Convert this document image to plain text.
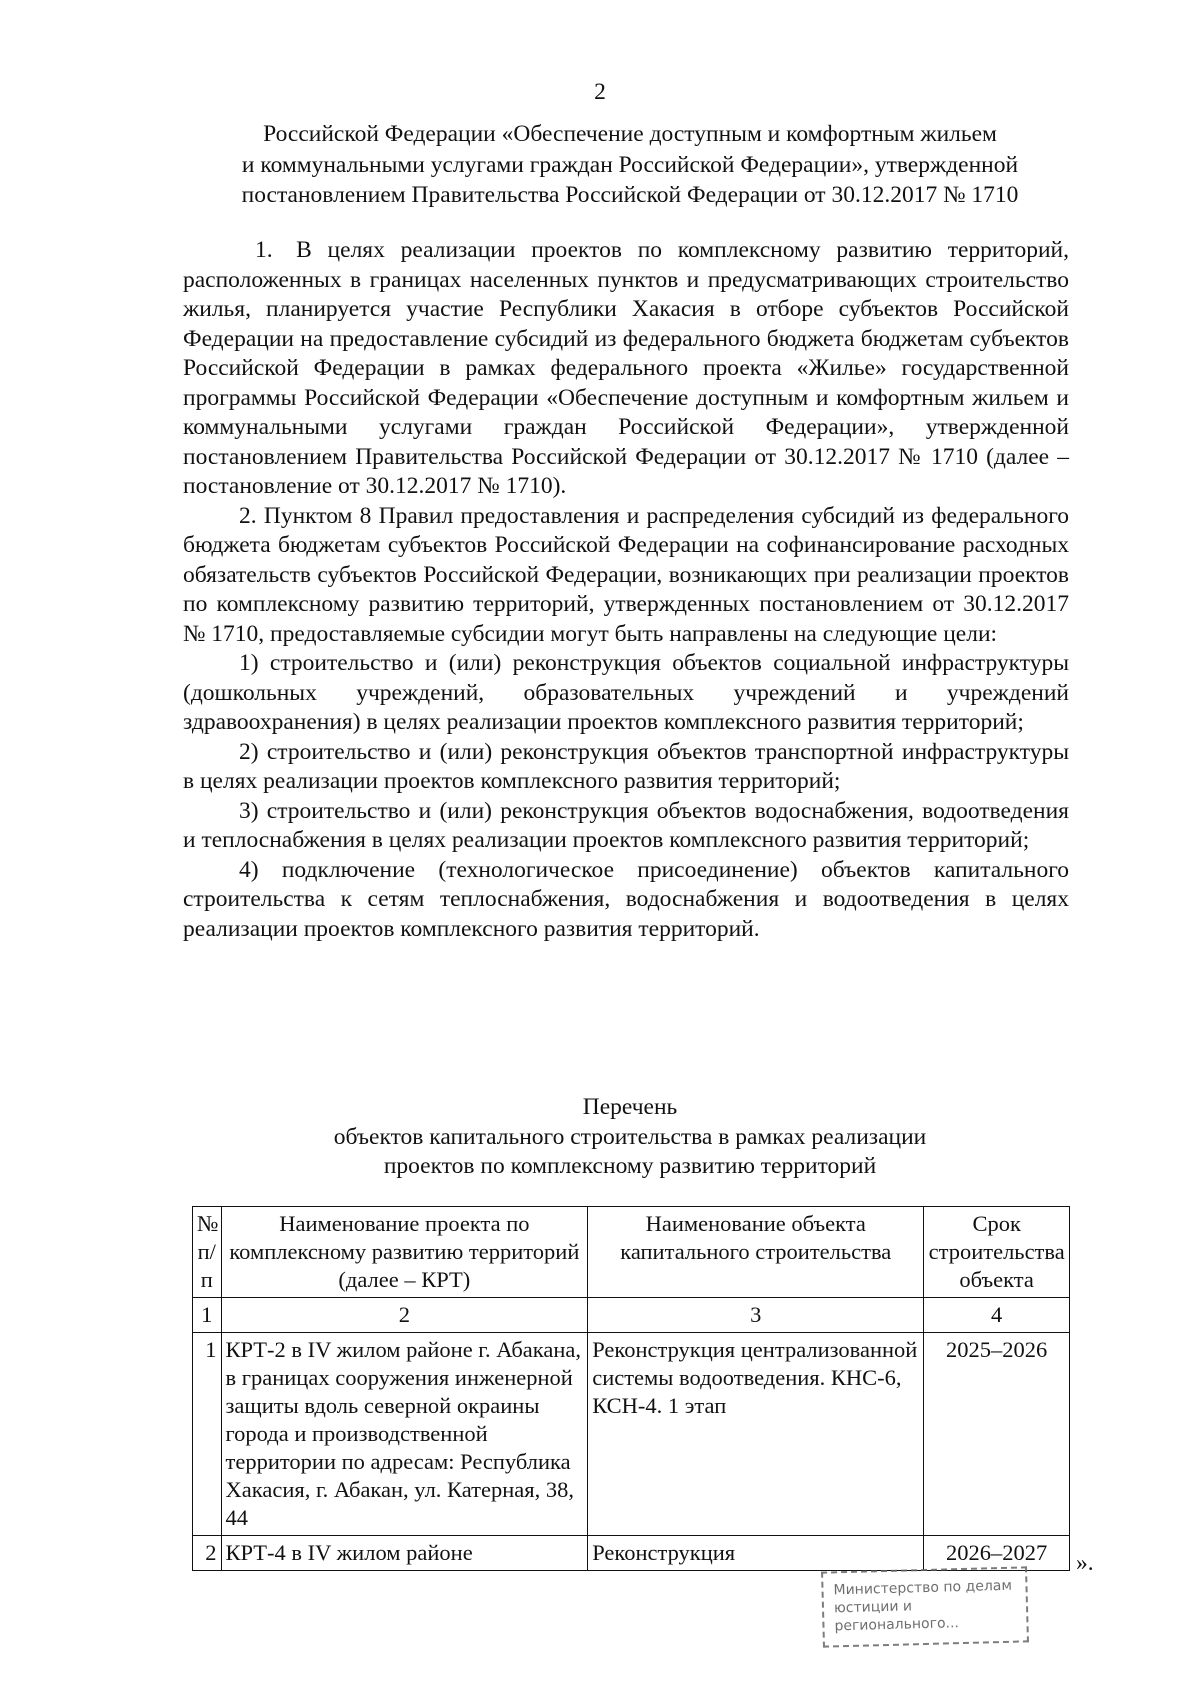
2
Российской Федерации «Обеспечение доступным и комфортным жильем
и коммунальными услугами граждан Российской Федерации», утвержденной
постановлением Правительства Российской Федерации от 30.12.2017 № 1710

1. В целях реализации проектов по комплексному развитию территорий, расположенных в границах населенных пунктов и предусматривающих строительство жилья, планируется участие Республики Хакасия в отборе субъектов Российской Федерации на предоставление субсидий из федерального бюджета бюджетам субъектов Российской Федерации в рамках федерального проекта «Жилье» государственной программы Российской Федерации «Обеспечение доступным и комфортным жильем и коммунальными услугами граждан Российской Федерации», утвержденной постановлением Правительства Российской Федерации от 30.12.2017 № 1710 (далее – постановление от 30.12.2017 № 1710).

2. Пунктом 8 Правил предоставления и распределения субсидий из федерального бюджета бюджетам субъектов Российской Федерации на софинансирование расходных обязательств субъектов Российской Федерации, возникающих при реализации проектов по комплексному развитию территорий, утвержденных постановлением от 30.12.2017 № 1710, предоставляемые субсидии могут быть направлены на следующие цели:

1) строительство и (или) реконструкция объектов социальной инфраструктуры (дошкольных учреждений, образовательных учреждений и учреждений здравоохранения) в целях реализации проектов комплексного развития территорий;

2) строительство и (или) реконструкция объектов транспортной инфраструктуры в целях реализации проектов комплексного развития территорий;

3) строительство и (или) реконструкция объектов водоснабжения, водоотведения и теплоснабжения в целях реализации проектов комплексного развития территорий;

4) подключение (технологическое присоединение) объектов капитального строительства к сетям теплоснабжения, водоснабжения и водоотведения в целях реализации проектов комплексного развития территорий.

Перечень
объектов капитального строительства в рамках реализации
проектов по комплексному развитию территорий
№ п/п	Наименование проекта по комплексному развитию территорий (далее – КРТ)	Наименование объекта капитального строительства	Срок строительства объекта
1	2	3	4
1	КРТ-2 в IV жилом районе г. Абакана, в границах сооружения инженерной защиты вдоль северной окраины города и производственной территории по адресам: Республика Хакасия, г. Абакан, ул. Катерная, 38, 44	Реконструкция централизованной системы водоотведения. КНС-6, КСН-4. 1 этап	2025–2026
2	КРТ-4 в IV жилом районе	Реконструкция	2026–2027 ».
Министерство по делам юстиции и регионального...
